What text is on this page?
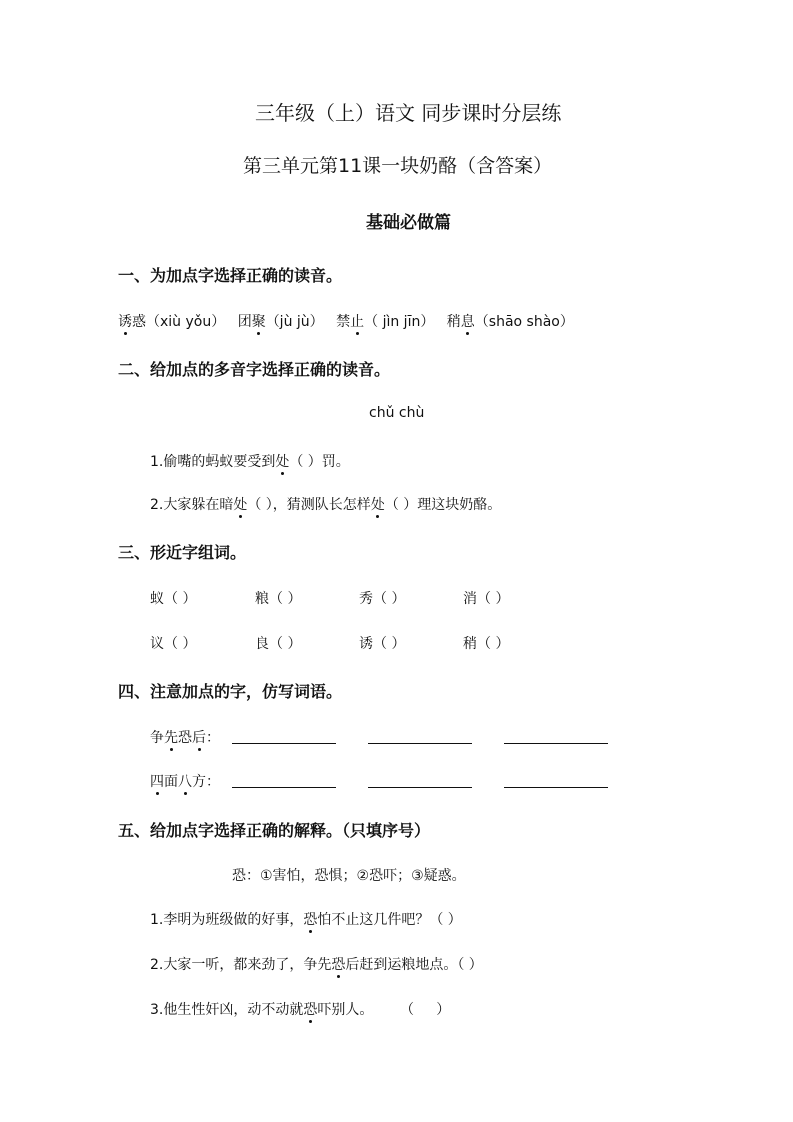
三年级（上）语文 同步课时分层练
第三单元第11课一块奶酪（含答案）
基础必做篇
一、为加点字选择正确的读音。
诱惑（xiù yǒu） 团聚（jù jù） 禁止（ jìn jīn） 稍息（shāo shào）
二、给加点的多音字选择正确的读音。
chǔ chù
1.偷嘴的蚂蚁要受到处（ ）罚。
2.大家躲在暗处（ ），猜测队长怎样处（ ）理这块奶酪。
三、形近字组词。
蚁（ ）	粮（ ）	秀（ ）	消（ ）
议（ ）	良（ ）	诱（ ）	稍（ ）
四、注意加点的字，仿写词语。
争先恐后：
四面八方：
五、给加点字选择正确的解释。（只填序号）
恐：①害怕，恐惧；②恐吓；③疑惑。
1.李明为班级做的好事，恐怕不止这几件吧？（ ）
2.大家一听，都来劲了，争先恐后赶到运粮地点。（ ）
3.他生性奸凶，动不动就恐吓别人。      （     ）
